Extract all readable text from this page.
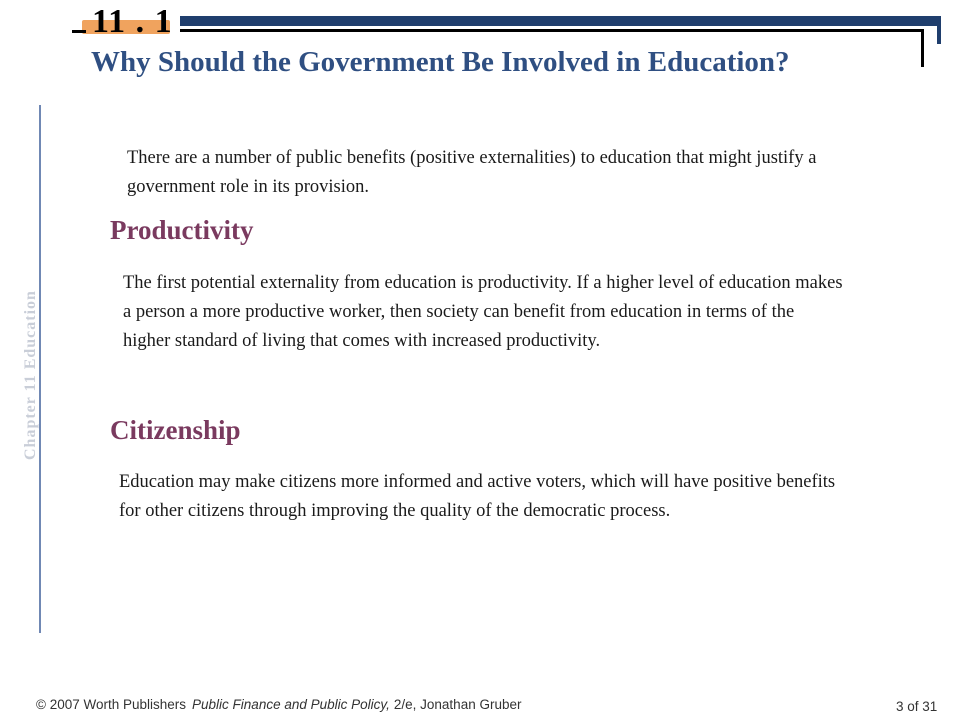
11 . 1
Why Should the Government Be Involved in Education?
Chapter 11 Education
There are a number of public benefits (positive externalities) to education that might justify a government role in its provision.
Productivity
The first potential externality from education is productivity. If a higher level of education makes a person a more productive worker, then society can benefit from education in terms of the higher standard of living that comes with increased productivity.
Citizenship
Education may make citizens more informed and active voters, which will have positive benefits for other citizens through improving the quality of the democratic process.
© 2007 Worth Publishers Public Finance and Public Policy, 2/e, Jonathan Gruber	3 of 31
